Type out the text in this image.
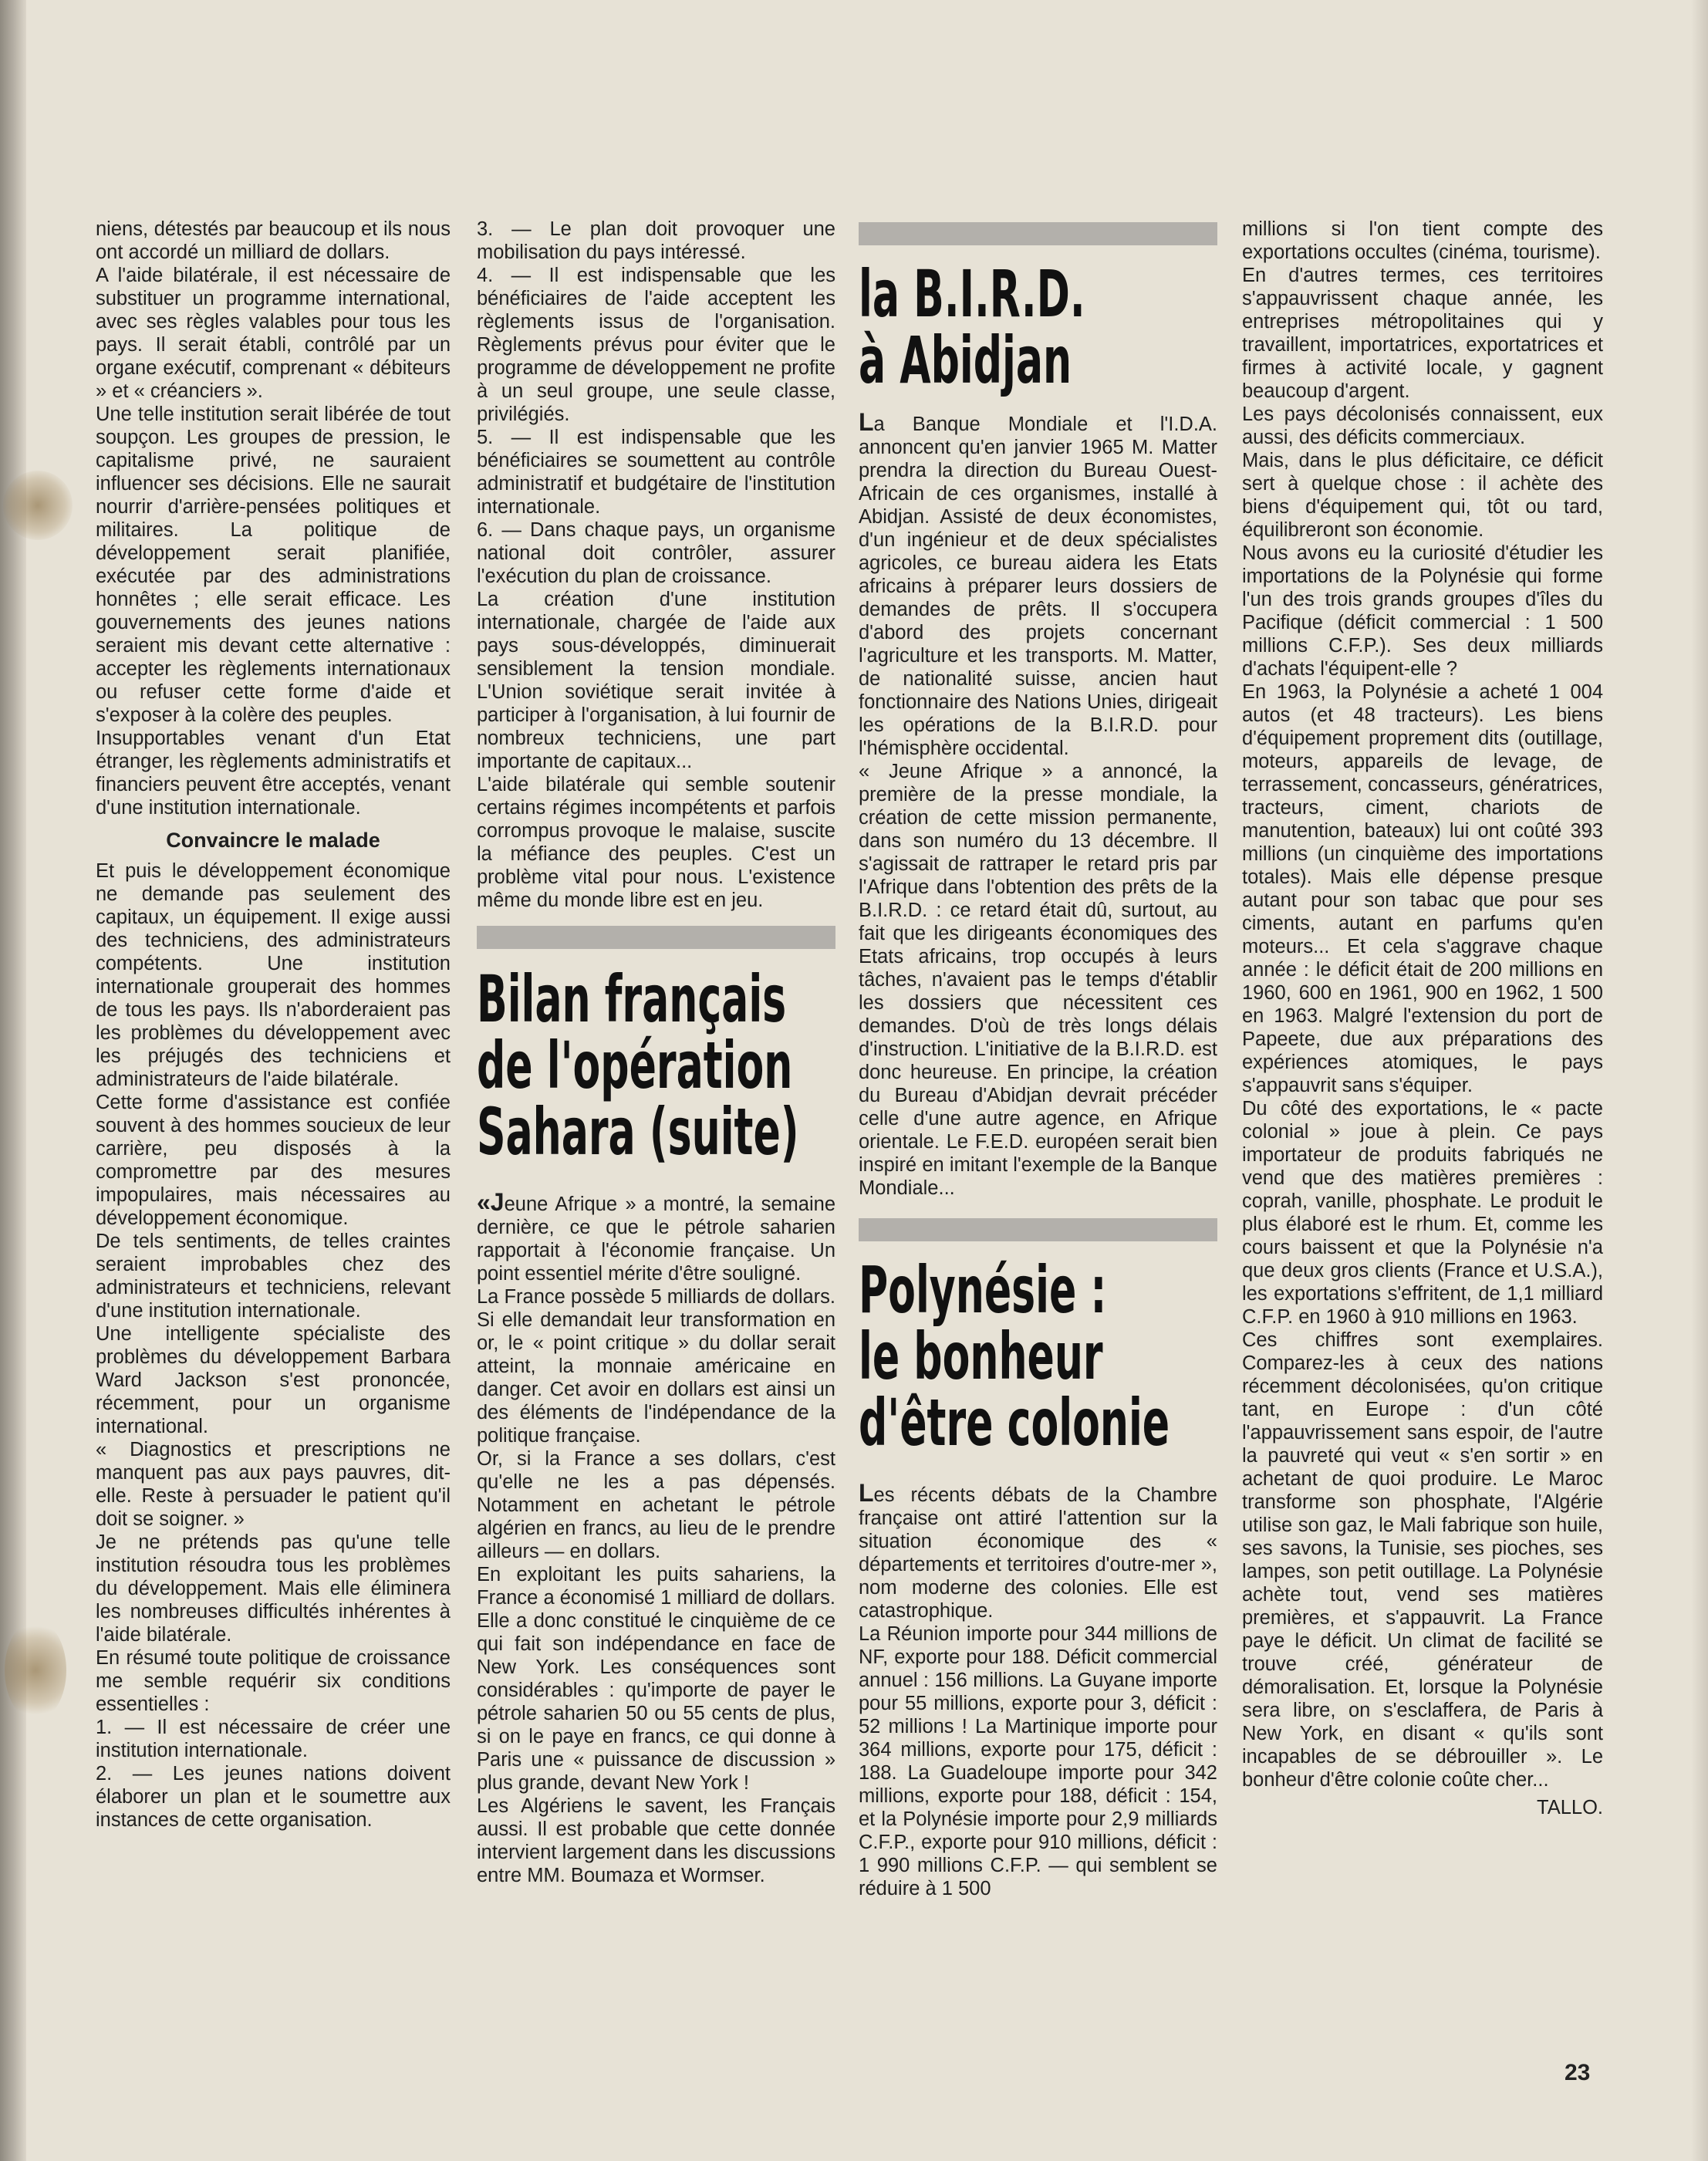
niens, détestés par beaucoup et ils nous ont accordé un milliard de dollars.

A l'aide bilatérale, il est nécessaire de substituer un programme international, avec ses règles valables pour tous les pays. Il serait établi, contrôlé par un organe exécutif, comprenant « débiteurs » et « créanciers ».

Une telle institution serait libérée de tout soupçon. Les groupes de pression, le capitalisme privé, ne sauraient influencer ses décisions. Elle ne saurait nourrir d'arrière-pensées politiques et militaires. La politique de développement serait planifiée, exécutée par des administrations honnêtes ; elle serait efficace. Les gouvernements des jeunes nations seraient mis devant cette alternative : accepter les règlements internationaux ou refuser cette forme d'aide et s'exposer à la colère des peuples.

Insupportables venant d'un Etat étranger, les règlements administratifs et financiers peuvent être acceptés, venant d'une institution internationale.

Convaincre le malade

Et puis le développement économique ne demande pas seulement des capitaux, un équipement. Il exige aussi des techniciens, des administrateurs compétents. Une institution internationale grouperait des hommes de tous les pays. Ils n'aborderaient pas les problèmes du développement avec les préjugés des techniciens et administrateurs de l'aide bilatérale.

Cette forme d'assistance est confiée souvent à des hommes soucieux de leur carrière, peu disposés à la compromettre par des mesures impopulaires, mais nécessaires au développement économique.

De tels sentiments, de telles craintes seraient improbables chez des administrateurs et techniciens, relevant d'une institution internationale.

Une intelligente spécialiste des problèmes du développement Barbara Ward Jackson s'est prononcée, récemment, pour un organisme international.

« Diagnostics et prescriptions ne manquent pas aux pays pauvres, dit-elle. Reste à persuader le patient qu'il doit se soigner. »

Je ne prétends pas qu'une telle institution résoudra tous les problèmes du développement. Mais elle éliminera les nombreuses difficultés inhérentes à l'aide bilatérale.

En résumé toute politique de croissance me semble requérir six conditions essentielles :

1. — Il est nécessaire de créer une institution internationale.

2. — Les jeunes nations doivent élaborer un plan et le soumettre aux instances de cette organisation.

3. — Le plan doit provoquer une mobilisation du pays intéressé.

4. — Il est indispensable que les bénéficiaires de l'aide acceptent les règlements issus de l'organisation. Règlements prévus pour éviter que le programme de développement ne profite à un seul groupe, une seule classe, privilégiés.

5. — Il est indispensable que les bénéficiaires se soumettent au contrôle administratif et budgétaire de l'institution internationale.

6. — Dans chaque pays, un organisme national doit contrôler, assurer l'exécution du plan de croissance.

La création d'une institution internationale, chargée de l'aide aux pays sous-développés, diminuerait sensiblement la tension mondiale. L'Union soviétique serait invitée à participer à l'organisation, à lui fournir de nombreux techniciens, une part importante de capitaux...

L'aide bilatérale qui semble soutenir certains régimes incompétents et parfois corrompus provoque le malaise, suscite la méfiance des peuples. C'est un problème vital pour nous. L'existence même du monde libre est en jeu.

Bilan français
de l'opération
Sahara (suite)

«Jeune Afrique » a montré, la semaine dernière, ce que le pétrole saharien rapportait à l'économie française. Un point essentiel mérite d'être souligné.

La France possède 5 milliards de dollars. Si elle demandait leur transformation en or, le « point critique » du dollar serait atteint, la monnaie américaine en danger. Cet avoir en dollars est ainsi un des éléments de l'indépendance de la politique française.

Or, si la France a ses dollars, c'est qu'elle ne les a pas dépensés. Notamment en achetant le pétrole algérien en francs, au lieu de le prendre ailleurs — en dollars.

En exploitant les puits sahariens, la France a économisé 1 milliard de dollars. Elle a donc constitué le cinquième de ce qui fait son indépendance en face de New York. Les conséquences sont considérables : qu'importe de payer le pétrole saharien 50 ou 55 cents de plus, si on le paye en francs, ce qui donne à Paris une « puissance de discussion » plus grande, devant New York !

Les Algériens le savent, les Français aussi. Il est probable que cette donnée intervient largement dans les discussions entre MM. Boumaza et Wormser.

la B.I.R.D.
à Abidjan

La Banque Mondiale et l'I.D.A. annoncent qu'en janvier 1965 M. Matter prendra la direction du Bureau Ouest-Africain de ces organismes, installé à Abidjan. Assisté de deux économistes, d'un ingénieur et de deux spécialistes agricoles, ce bureau aidera les Etats africains à préparer leurs dossiers de demandes de prêts. Il s'occupera d'abord des projets concernant l'agriculture et les transports. M. Matter, de nationalité suisse, ancien haut fonctionnaire des Nations Unies, dirigeait les opérations de la B.I.R.D. pour l'hémisphère occidental.

« Jeune Afrique » a annoncé, la première de la presse mondiale, la création de cette mission permanente, dans son numéro du 13 décembre. Il s'agissait de rattraper le retard pris par l'Afrique dans l'obtention des prêts de la B.I.R.D. : ce retard était dû, surtout, au fait que les dirigeants économiques des Etats africains, trop occupés à leurs tâches, n'avaient pas le temps d'établir les dossiers que nécessitent ces demandes. D'où de très longs délais d'instruction. L'initiative de la B.I.R.D. est donc heureuse. En principe, la création du Bureau d'Abidjan devrait précéder celle d'une autre agence, en Afrique orientale. Le F.E.D. européen serait bien inspiré en imitant l'exemple de la Banque Mondiale...

Polynésie :
le bonheur
d'être colonie

Les récents débats de la Chambre française ont attiré l'attention sur la situation économique des « départements et territoires d'outre-mer », nom moderne des colonies. Elle est catastrophique.

La Réunion importe pour 344 millions de NF, exporte pour 188. Déficit commercial annuel : 156 millions. La Guyane importe pour 55 millions, exporte pour 3, déficit : 52 millions ! La Martinique importe pour 364 millions, exporte pour 175, déficit : 188. La Guadeloupe importe pour 342 millions, exporte pour 188, déficit : 154, et la Polynésie importe pour 2,9 milliards C.F.P., exporte pour 910 millions, déficit : 1 990 millions C.F.P. — qui semblent se réduire à 1 500

millions si l'on tient compte des exportations occultes (cinéma, tourisme).

En d'autres termes, ces territoires s'appauvrissent chaque année, les entreprises métropolitaines qui y travaillent, importatrices, exportatrices et firmes à activité locale, y gagnent beaucoup d'argent.

Les pays décolonisés connaissent, eux aussi, des déficits commerciaux.

Mais, dans le plus déficitaire, ce déficit sert à quelque chose : il achète des biens d'équipement qui, tôt ou tard, équilibreront son économie.

Nous avons eu la curiosité d'étudier les importations de la Polynésie qui forme l'un des trois grands groupes d'îles du Pacifique (déficit commercial : 1 500 millions C.F.P.). Ses deux milliards d'achats l'équipent-elle ?

En 1963, la Polynésie a acheté 1 004 autos (et 48 tracteurs). Les biens d'équipement proprement dits (outillage, moteurs, appareils de levage, de terrassement, concasseurs, génératrices, tracteurs, ciment, chariots de manutention, bateaux) lui ont coûté 393 millions (un cinquième des importations totales). Mais elle dépense presque autant pour son tabac que pour ses ciments, autant en parfums qu'en moteurs... Et cela s'aggrave chaque année : le déficit était de 200 millions en 1960, 600 en 1961, 900 en 1962, 1 500 en 1963. Malgré l'extension du port de Papeete, due aux préparations des expériences atomiques, le pays s'appauvrit sans s'équiper.

Du côté des exportations, le « pacte colonial » joue à plein. Ce pays importateur de produits fabriqués ne vend que des matières premières : coprah, vanille, phosphate. Le produit le plus élaboré est le rhum. Et, comme les cours baissent et que la Polynésie n'a que deux gros clients (France et U.S.A.), les exportations s'effritent, de 1,1 milliard C.F.P. en 1960 à 910 millions en 1963.

Ces chiffres sont exemplaires. Comparez-les à ceux des nations récemment décolonisées, qu'on critique tant, en Europe : d'un côté l'appauvrissement sans espoir, de l'autre la pauvreté qui veut « s'en sortir » en achetant de quoi produire. Le Maroc transforme son phosphate, l'Algérie utilise son gaz, le Mali fabrique son huile, ses savons, la Tunisie, ses pioches, ses lampes, son petit outillage. La Polynésie achète tout, vend ses matières premières, et s'appauvrit. La France paye le déficit. Un climat de facilité se trouve créé, générateur de démoralisation. Et, lorsque la Polynésie sera libre, on s'esclaffera, de Paris à New York, en disant « qu'ils sont incapables de se débrouiller ». Le bonheur d'être colonie coûte cher...

TALLO.

23
